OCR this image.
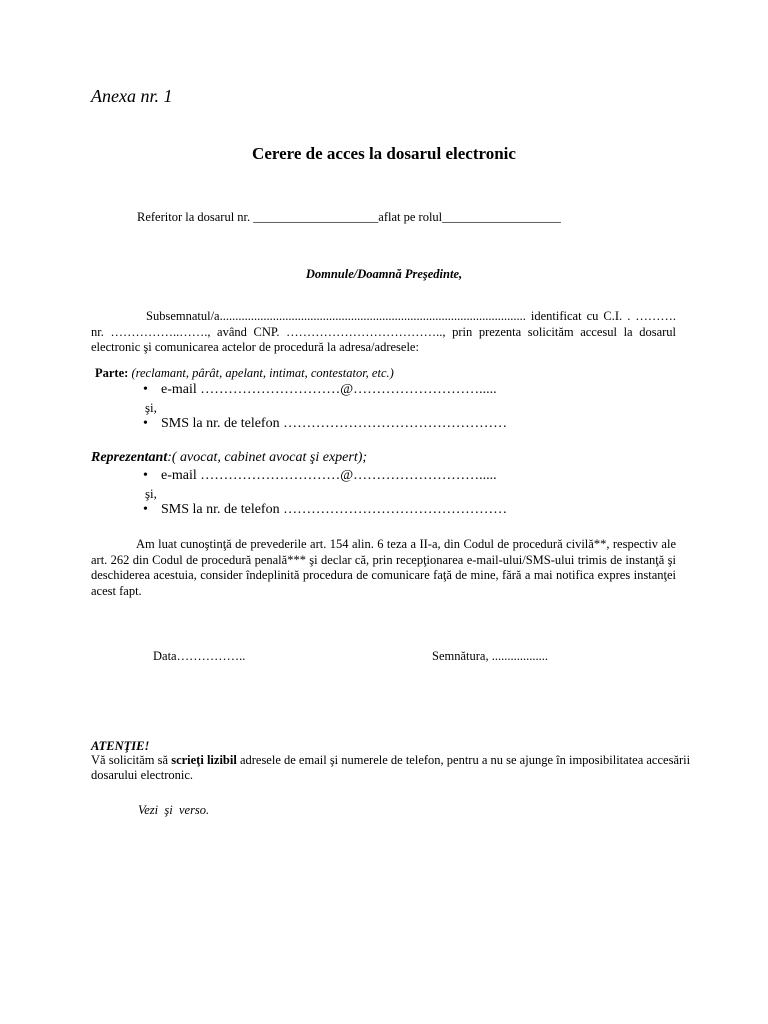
Anexa nr. 1
Cerere de acces la dosarul electronic
Referitor la dosarul nr. ____________________aflat pe rolul___________________
Domnule/Doamnă Preşedinte,
Subsemnatul/a.................................................................................................. identificat cu C.I. . ………. nr. ……………..……., având CNP. ……………………………….., prin prezenta solicităm accesul la dosarul electronic şi comunicarea actelor de procedură la adresa/adresele:
Parte: (reclamant, pârât, apelant, intimat, contestator, etc.)
• e-mail …………………………@……………………….....
şi,
• SMS la nr. de telefon …………………………………………
Reprezentant:( avocat, cabinet avocat şi expert);
• e-mail …………………………@……………………….....
şi,
• SMS la nr. de telefon …………………………………………
Am luat cunoştinţă de prevederile art. 154 alin. 6 teza a II-a, din Codul de procedură civilă**, respectiv ale art. 262 din Codul de procedură penală*** şi declar că, prin recepţionarea e-mail-ului/SMS-ului trimis de instanţă şi deschiderea acestuia, consider îndeplinită procedura de comunicare faţă de mine, fără a mai notifica expres instanţei acest fapt.
Data……………..	Semnătura, ..................
ATENŢIE!
Vă solicităm să scrieţi lizibil adresele de email şi numerele de telefon, pentru a nu se ajunge în imposibilitatea accesării dosarului electronic.
Vezi  şi  verso.
